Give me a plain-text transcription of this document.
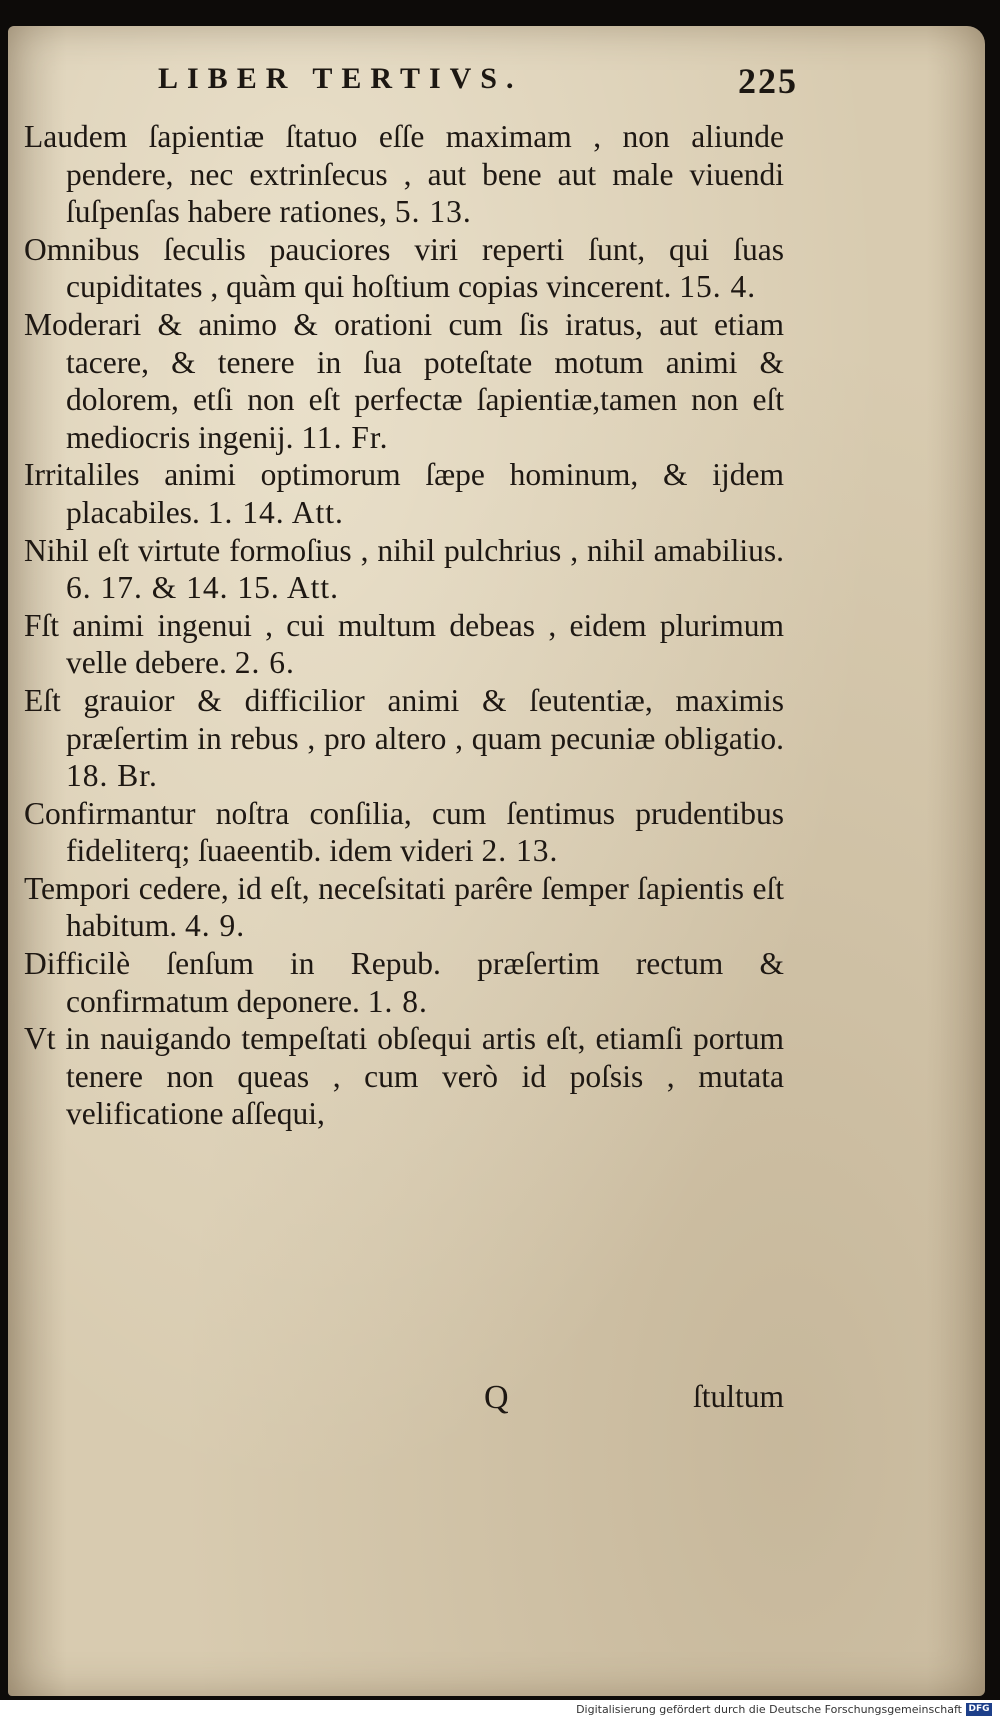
LIBER TERTIVS.	225

Laudem ſapientiæ ſtatuo eſſe maximam , non aliunde pendere, nec extrinſecus , aut bene aut male viuendi ſuſpenſas habere rationes, 5. 13.

Omnibus ſeculis pauciores viri reperti ſunt, qui ſuas cupiditates , quàm qui hoſtium copias vincerent. 15. 4.

Moderari & animo & orationi cum ſis iratus, aut etiam tacere, & tenere in ſua poteſtate motum animi & dolorem, etſi non eſt perfectæ ſapientiæ,tamen non eſt mediocris ingenij. 11. Fr.

Irritaliles animi optimorum ſæpe hominum, & ijdem placabiles. 1. 14. Att.

Nihil eſt virtute formoſius , nihil pulchrius , nihil amabilius. 6. 17. & 14. 15. Att.

Fſt animi ingenui , cui multum debeas , eidem plurimum velle debere. 2. 6.

Eſt grauior & difficilior animi & ſeutentiæ, maximis præſertim in rebus , pro altero , quam pecuniæ obligatio. 18. Br.

Confirmantur noſtra conſilia, cum ſentimus prudentibus fideliterq; ſuaeentib. idem videri 2. 13.

Tempori cedere, id eſt, neceſsitati parêre ſemper ſapientis eſt habitum. 4. 9.

Difficilè ſenſum in Repub. præſertim rectum & confirmatum deponere. 1. 8.

Vt in nauigando tempeſtati obſequi artis eſt, etiamſi portum tenere non queas , cum verò id poſsis , mutata velificatione aſſequi,

Q	ſtultum
Digitalisierung gefördert durch die Deutsche Forschungsgemeinschaft DFG
